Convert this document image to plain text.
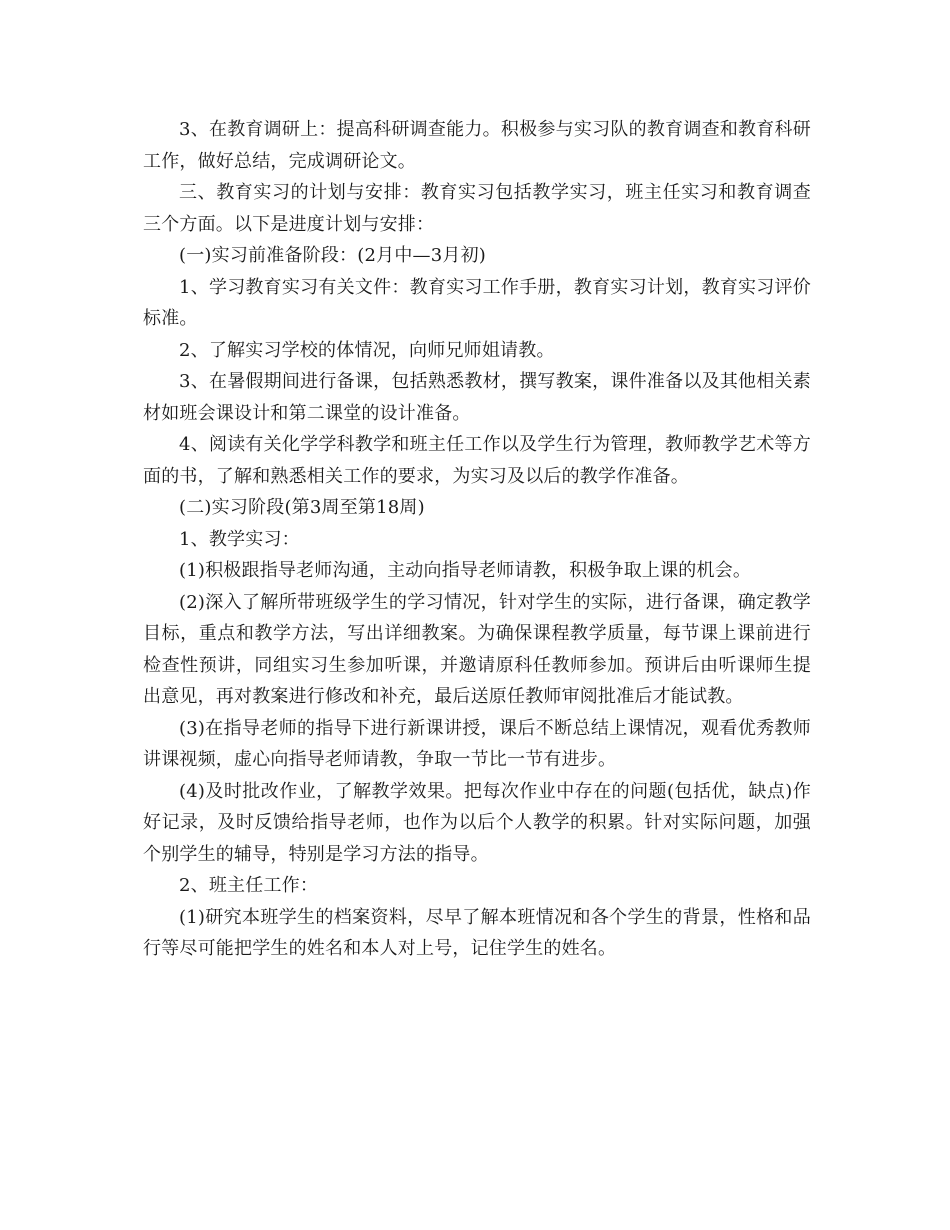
3、在教育调研上：提高科研调查能力。积极参与实习队的教育调查和教育科研工作，做好总结，完成调研论文。

三、教育实习的计划与安排：教育实习包括教学实习，班主任实习和教育调查三个方面。以下是进度计划与安排：

(一)实习前准备阶段：(2月中—3月初)

1、学习教育实习有关文件：教育实习工作手册，教育实习计划，教育实习评价标准。

2、了解实习学校的体情况，向师兄师姐请教。

3、在暑假期间进行备课，包括熟悉教材，撰写教案，课件准备以及其他相关素材如班会课设计和第二课堂的设计准备。

4、阅读有关化学学科教学和班主任工作以及学生行为管理，教师教学艺术等方面的书，了解和熟悉相关工作的要求，为实习及以后的教学作准备。

(二)实习阶段(第3周至第18周)

1、教学实习：

(1)积极跟指导老师沟通，主动向指导老师请教，积极争取上课的机会。

(2)深入了解所带班级学生的学习情况，针对学生的实际，进行备课，确定教学目标，重点和教学方法，写出详细教案。为确保课程教学质量，每节课上课前进行检查性预讲，同组实习生参加听课，并邀请原科任教师参加。预讲后由听课师生提出意见，再对教案进行修改和补充，最后送原任教师审阅批准后才能试教。

(3)在指导老师的指导下进行新课讲授，课后不断总结上课情况，观看优秀教师讲课视频，虚心向指导老师请教，争取一节比一节有进步。

(4)及时批改作业，了解教学效果。把每次作业中存在的问题(包括优，缺点)作好记录，及时反馈给指导老师，也作为以后个人教学的积累。针对实际问题，加强个别学生的辅导，特别是学习方法的指导。

2、班主任工作：

(1)研究本班学生的档案资料，尽早了解本班情况和各个学生的背景，性格和品行等尽可能把学生的姓名和本人对上号，记住学生的姓名。
